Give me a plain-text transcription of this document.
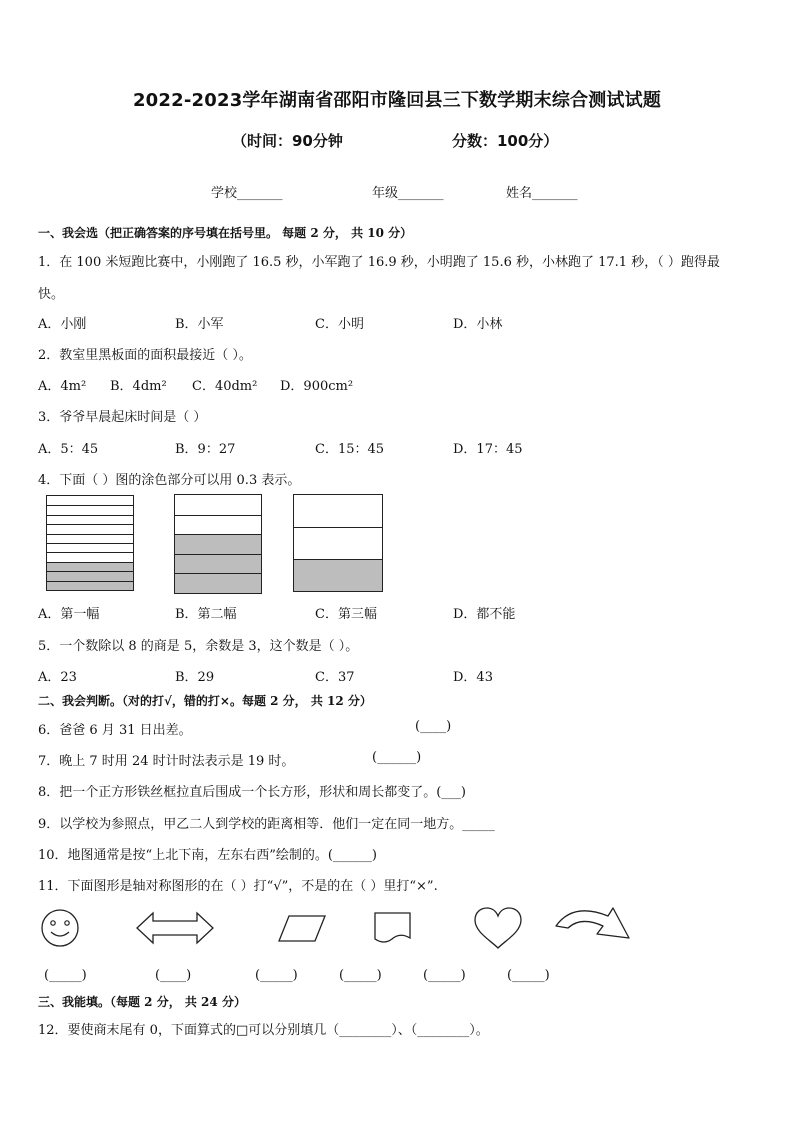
2022-2023学年湖南省邵阳市隆回县三下数学期末综合测试试题
（时间：90分钟	分数：100分）
学校_______	年级_______	姓名_______
一、我会选（把正确答案的序号填在括号里。 每题 2 分， 共 10 分）
1．在 100 米短跑比赛中，小刚跑了 16.5 秒，小军跑了 16.9 秒，小明跑了 15.6 秒，小林跑了 17.1 秒，（ ）跑得最
快。
A．小刚	B．小军	C．小明	D．小林
2．教室里黑板面的面积最接近（ ）。
A．4m² B．4dm² C．40dm² D．900cm²
3．爷爷早晨起床时间是（ ）
A．5：45	B．9：27	C．15：45	D．17：45
4．下面（ ）图的涂色部分可以用 0.3 表示。
A．第一幅	B．第二幅	C．第三幅	D．都不能
5．一个数除以 8 的商是 5，余数是 3，这个数是（ ）。
A．23	B．29	C．37	D．43
二、我会判断。（对的打√，错的打×。每题 2 分， 共 12 分）
6．爸爸 6 月 31 日出差。	(____)
7．晚上 7 时用 24 时计时法表示是 19 时。	(______)
8．把一个正方形铁丝框拉直后围成一个长方形，形状和周长都变了。(___)
9．以学校为参照点，甲乙二人到学校的距离相等．他们一定在同一地方。_____
10．地图通常是按“上北下南，左东右西”绘制的。(______)
11．下面图形是轴对称图形的在（ ）打“√”，不是的在（ ）里打“×”.
(_____)	(____)	(_____)	(_____)	(_____)	(_____)
三、我能填。（每题 2 分， 共 24 分）
12．要使商末尾有 0，下面算式的□可以分别填几（________）、（________）。
